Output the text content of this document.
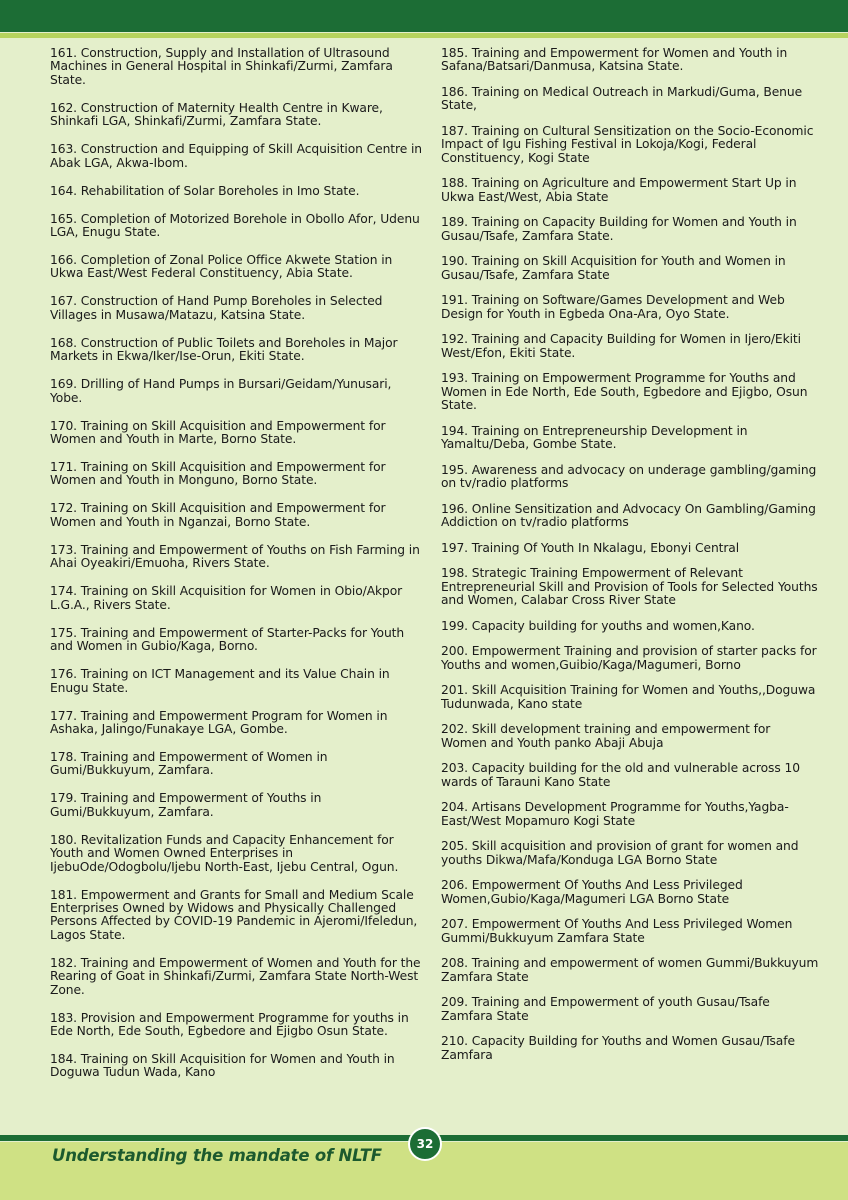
161. Construction, Supply and Installation of Ultrasound Machines in General Hospital in Shinkafi/Zurmi, Zamfara State.

162. Construction of Maternity Health Centre in Kware, Shinkafi LGA, Shinkafi/Zurmi, Zamfara State.

163. Construction and Equipping of Skill Acquisition Centre in Abak LGA, Akwa-Ibom.

164. Rehabilitation of Solar Boreholes in Imo State.

165. Completion of Motorized Borehole in Obollo Afor, Udenu LGA, Enugu State.

166. Completion of Zonal Police Office Akwete Station in Ukwa East/West Federal Constituency, Abia State.

167. Construction of Hand Pump Boreholes in Selected Villages in Musawa/Matazu, Katsina State.

168. Construction of Public Toilets and Boreholes in Major Markets in Ekwa/Iker/Ise-Orun, Ekiti State.

169. Drilling of Hand Pumps in Bursari/Geidam/Yunusari, Yobe.

170. Training on Skill Acquisition and Empowerment for Women and Youth in Marte, Borno State.

171. Training on Skill Acquisition and Empowerment for Women and Youth in Monguno, Borno State.

172. Training on Skill Acquisition and Empowerment for Women and Youth in Nganzai, Borno State.

173. Training and Empowerment of Youths on Fish Farming in Ahai Oyeakiri/Emuoha, Rivers State.

174. Training on Skill Acquisition for Women in Obio/Akpor L.G.A., Rivers State.

175. Training and Empowerment of Starter-Packs for Youth and Women in Gubio/Kaga, Borno.

176. Training on ICT Management and its Value Chain in Enugu State.

177. Training and Empowerment Program for Women in Ashaka, Jalingo/Funakaye LGA, Gombe.

178. Training and Empowerment of Women in Gumi/Bukkuyum, Zamfara.

179. Training and Empowerment of Youths in Gumi/Bukkuyum, Zamfara.

180. Revitalization Funds and Capacity Enhancement for Youth and Women Owned Enterprises in IjebuOde/Odogbolu/Ijebu North-East, Ijebu Central, Ogun.

181. Empowerment and Grants for Small and Medium Scale Enterprises Owned by Widows and Physically Challenged Persons Affected by COVID-19 Pandemic in Ajeromi/Ifeledun, Lagos State.

182. Training and Empowerment of Women and Youth for the Rearing of Goat in Shinkafi/Zurmi, Zamfara State North-West Zone.

183. Provision and Empowerment Programme for youths in Ede North, Ede South, Egbedore and Ejigbo Osun State.

184. Training on Skill Acquisition for Women and Youth in Doguwa Tudun Wada, Kano

185. Training and Empowerment for Women and Youth in Safana/Batsari/Danmusa, Katsina State.

186. Training on Medical Outreach in Markudi/Guma, Benue State,

187. Training on Cultural Sensitization on the Socio-Economic Impact of Igu Fishing Festival in Lokoja/Kogi, Federal Constituency, Kogi State

188. Training on Agriculture and Empowerment Start Up in Ukwa East/West, Abia State

189. Training on Capacity Building for Women and Youth in Gusau/Tsafe, Zamfara State.

190. Training on Skill Acquisition for Youth and Women in Gusau/Tsafe, Zamfara State

191. Training on Software/Games Development and Web Design for Youth in Egbeda Ona-Ara, Oyo State.

192. Training and Capacity Building for Women in Ijero/Ekiti West/Efon, Ekiti State.

193. Training on Empowerment Programme for Youths and Women in Ede North, Ede South, Egbedore and Ejigbo, Osun State.

194. Training on Entrepreneurship Development in Yamaltu/Deba, Gombe State.

195. Awareness and advocacy on underage gambling/gaming on tv/radio platforms

196. Online Sensitization and Advocacy On Gambling/Gaming Addiction on tv/radio platforms

197. Training Of Youth In Nkalagu, Ebonyi Central

198. Strategic Training Empowerment of Relevant Entrepreneurial Skill and Provision of Tools for Selected Youths and Women, Calabar Cross River State

199. Capacity building for youths and women,Kano.

200. Empowerment Training and provision of starter packs for Youths and women,Guibio/Kaga/Magumeri, Borno

201. Skill Acquisition Training for Women and Youths,,Doguwa Tudunwada, Kano state

202. Skill development training and empowerment for Women and Youth panko Abaji Abuja

203. Capacity building for the old and vulnerable across 10 wards of Tarauni Kano State

204. Artisans Development Programme for Youths,Yagba-East/West Mopamuro Kogi State

205. Skill acquisition and provision of grant for women and youths Dikwa/Mafa/Konduga LGA Borno State

206. Empowerment Of Youths And Less Privileged Women,Gubio/Kaga/Magumeri LGA Borno State

207. Empowerment Of Youths And Less Privileged Women Gummi/Bukkuyum Zamfara State

208. Training and empowerment of women Gummi/Bukkuyum Zamfara State

209. Training and Empowerment of youth Gusau/Tsafe Zamfara State

210. Capacity Building for Youths and Women Gusau/Tsafe Zamfara

Understanding the mandate of NLTF
32
